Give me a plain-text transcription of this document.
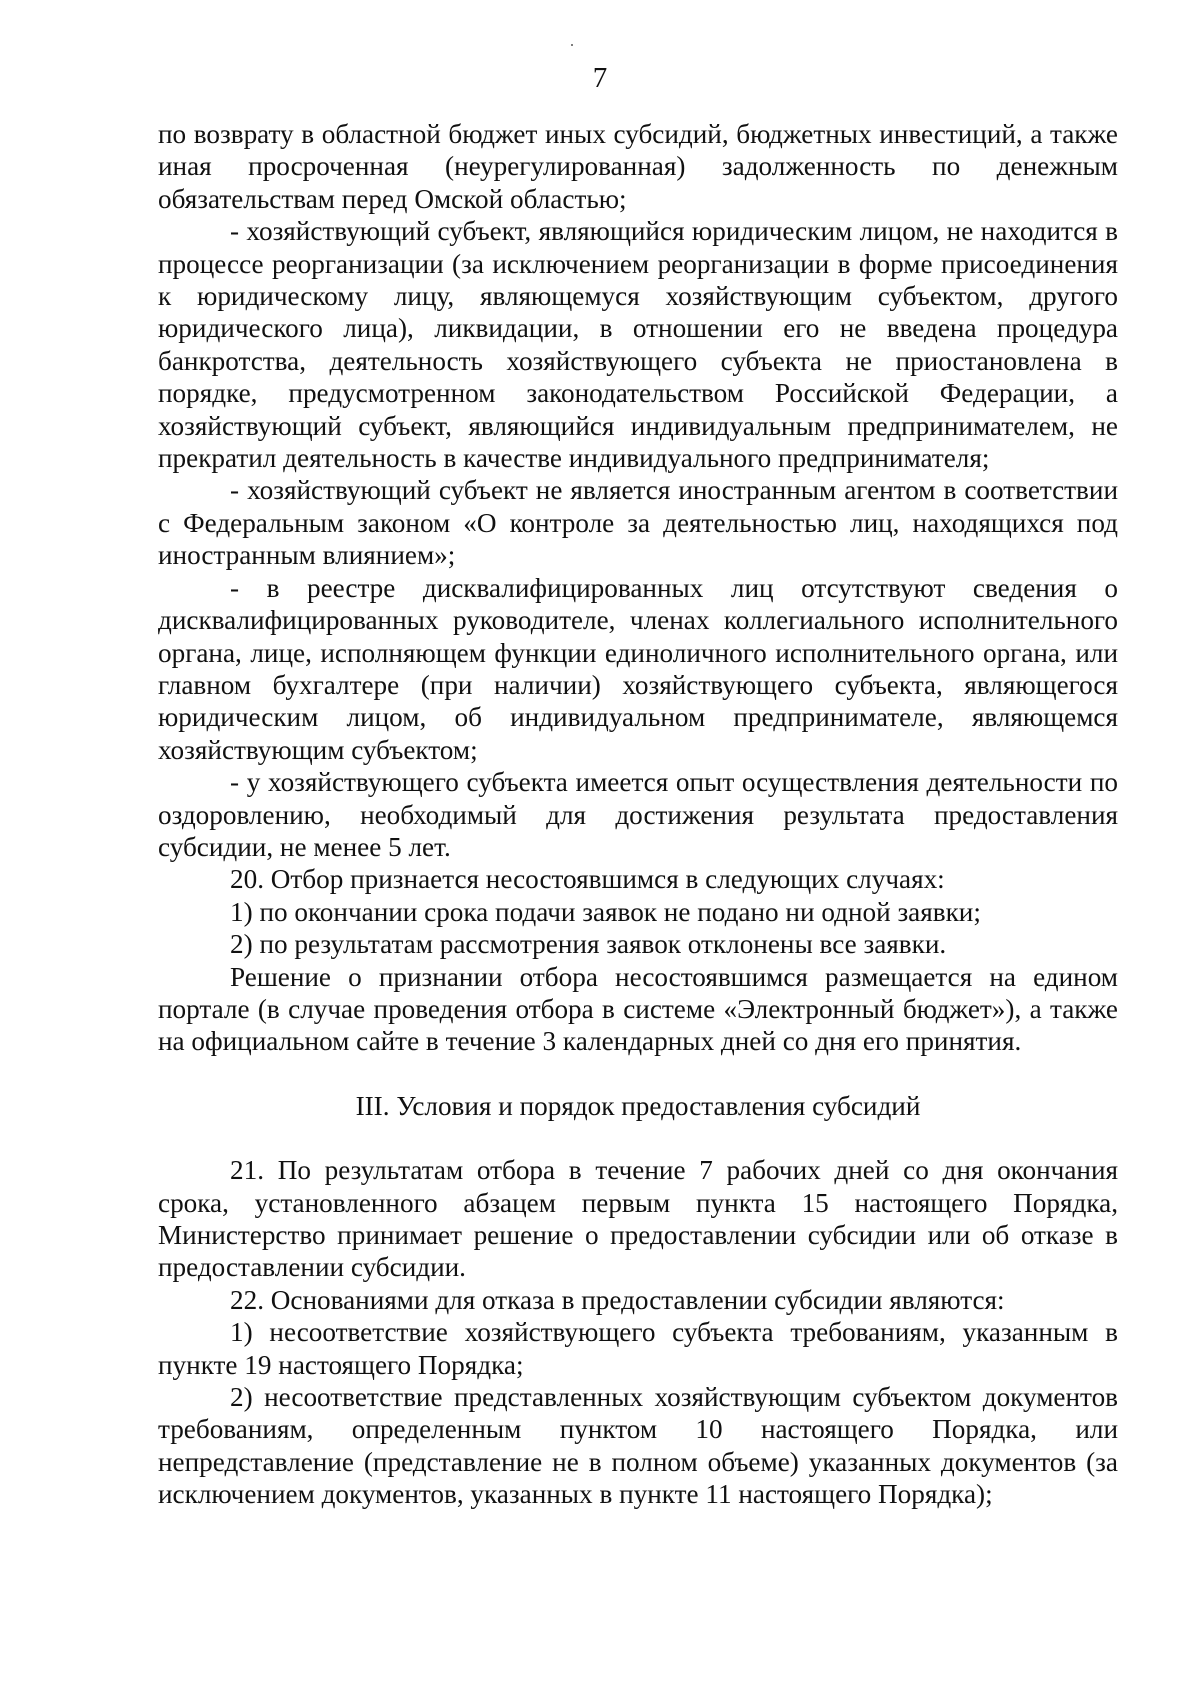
7

по возврату в областной бюджет иных субсидий, бюджетных инвестиций, а также иная просроченная (неурегулированная) задолженность по денежным обязательствам перед Омской областью;

- хозяйствующий субъект, являющийся юридическим лицом, не находится в процессе реорганизации (за исключением реорганизации в форме присоединения к юридическому лицу, являющемуся хозяйствующим субъектом, другого юридического лица), ликвидации, в отношении его не введена процедура банкротства, деятельность хозяйствующего субъекта не приостановлена в порядке, предусмотренном законодательством Российской Федерации, а хозяйствующий субъект, являющийся индивидуальным предпринимателем, не прекратил деятельность в качестве индивидуального предпринимателя;

- хозяйствующий субъект не является иностранным агентом в соответствии с Федеральным законом «О контроле за деятельностью лиц, находящихся под иностранным влиянием»;

- в реестре дисквалифицированных лиц отсутствуют сведения о дисквалифицированных руководителе, членах коллегиального исполнительного органа, лице, исполняющем функции единоличного исполнительного органа, или главном бухгалтере (при наличии) хозяйствующего субъекта, являющегося юридическим лицом, об индивидуальном предпринимателе, являющемся хозяйствующим субъектом;

- у хозяйствующего субъекта имеется опыт осуществления деятельности по оздоровлению, необходимый для достижения результата предоставления субсидии, не менее 5 лет.

20. Отбор признается несостоявшимся в следующих случаях:

1) по окончании срока подачи заявок не подано ни одной заявки;

2) по результатам рассмотрения заявок отклонены все заявки.

Решение о признании отбора несостоявшимся размещается на едином портале (в случае проведения отбора в системе «Электронный бюджет»), а также на официальном сайте в течение 3 календарных дней со дня его принятия.

III. Условия и порядок предоставления субсидий

21. По результатам отбора в течение 7 рабочих дней со дня окончания срока, установленного абзацем первым пункта 15 настоящего Порядка, Министерство принимает решение о предоставлении субсидии или об отказе в предоставлении субсидии.

22. Основаниями для отказа в предоставлении субсидии являются:

1) несоответствие хозяйствующего субъекта требованиям, указанным в пункте 19 настоящего Порядка;

2) несоответствие представленных хозяйствующим субъектом документов требованиям, определенным пунктом 10 настоящего Порядка, или непредставление (представление не в полном объеме) указанных документов (за исключением документов, указанных в пункте 11 настоящего Порядка);
